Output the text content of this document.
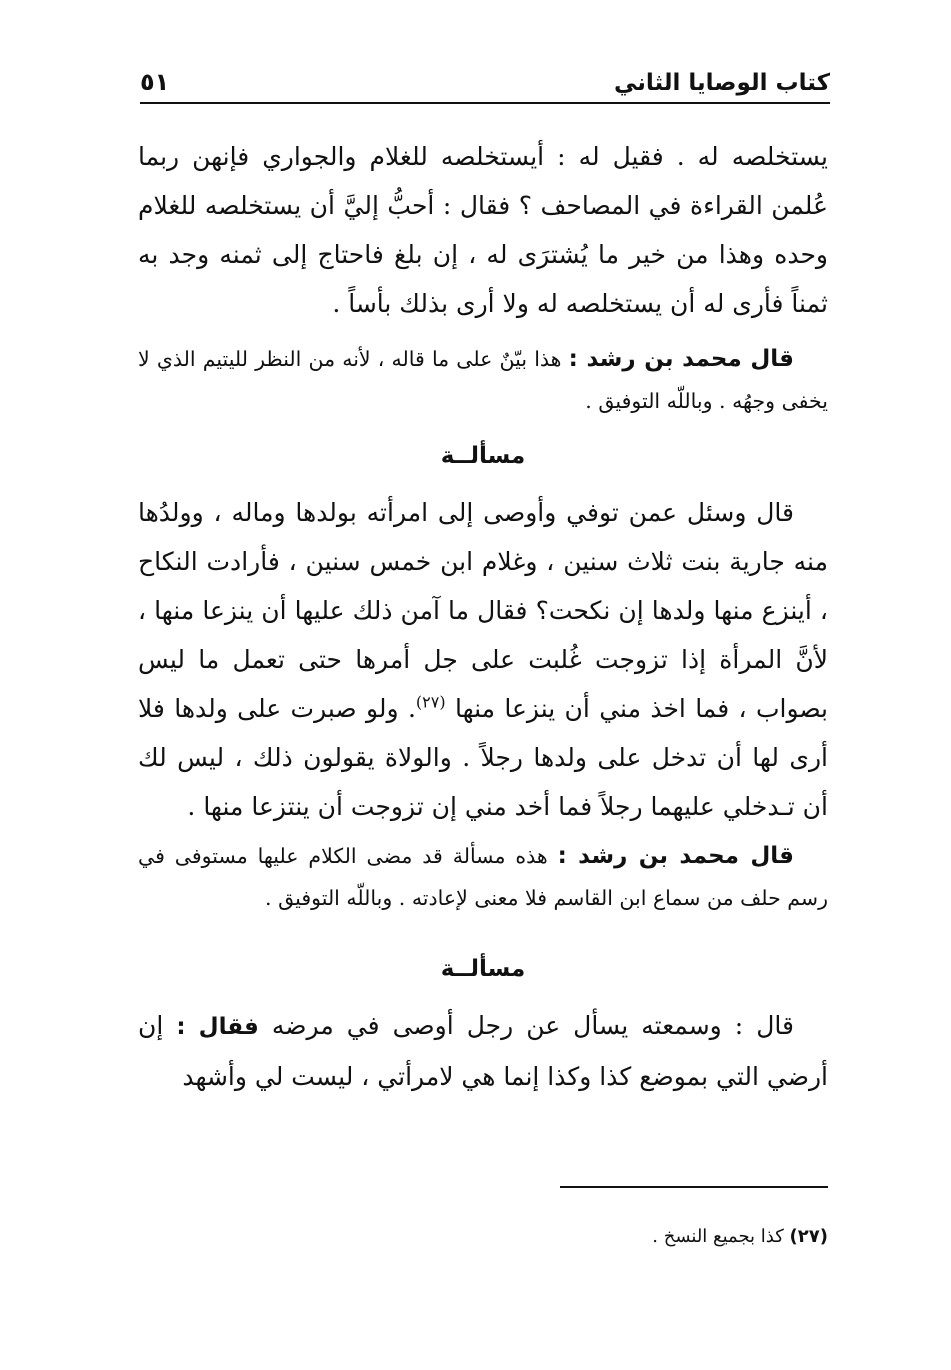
كتاب الوصايا الثاني
٥١

يستخلصه له . فقيل له : أيستخلصه للغلام والجواري فإنهن ربما عُلمن القراءة في المصاحف ؟ فقال : أحبُّ إليَّ أن يستخلصه للغلام وحده وهذا من خير ما يُشترَى له ، إن بلغ فاحتاج إلى ثمنه وجد به ثمناً فأرى له أن يستخلصه له ولا أرى بذلك بأساً .

قال محمد بن رشد : هذا بيّنٌ على ما قاله ، لأنه من النظر لليتيم الذي لا يخفى وجهُه . وباللّه التوفيق .

مسألــة

قال وسئل عمن توفي وأوصى إلى امرأته بولدها وماله ، وولدُها منه جارية بنت ثلاث سنين ، وغلام ابن خمس سنين ، فأرادت النكاح ، أينزع منها ولدها إن نكحت؟ فقال ما آمن ذلك عليها أن ينزعا منها ، لأنَّ المرأة إذا تزوجت غُلبت على جل أمرها حتى تعمل ما ليس بصواب ، فما اخذ مني أن ينزعا منها $^{(٢٧)}$. ولو صبرت على ولدها فلا أرى لها أن تدخل على ولدها رجلاً . والولاة يقولون ذلك ، ليس لك أن تـدخلي عليهما رجلاً فما أخد مني إن تزوجت أن ينتزعا منها .

قال محمد بن رشد : هذه مسألة قد مضى الكلام عليها مستوفى في رسم حلف من سماع ابن القاسم فلا معنى لإعادته . وباللّه التوفيق .

مسألــة

قال : وسمعته يسأل عن رجل أوصى في مرضه فقال : إن أرضي التي بموضع كذا وكذا إنما هي لامرأتي ، ليست لي وأشهد

(٢٧) كذا بجميع النسخ .
